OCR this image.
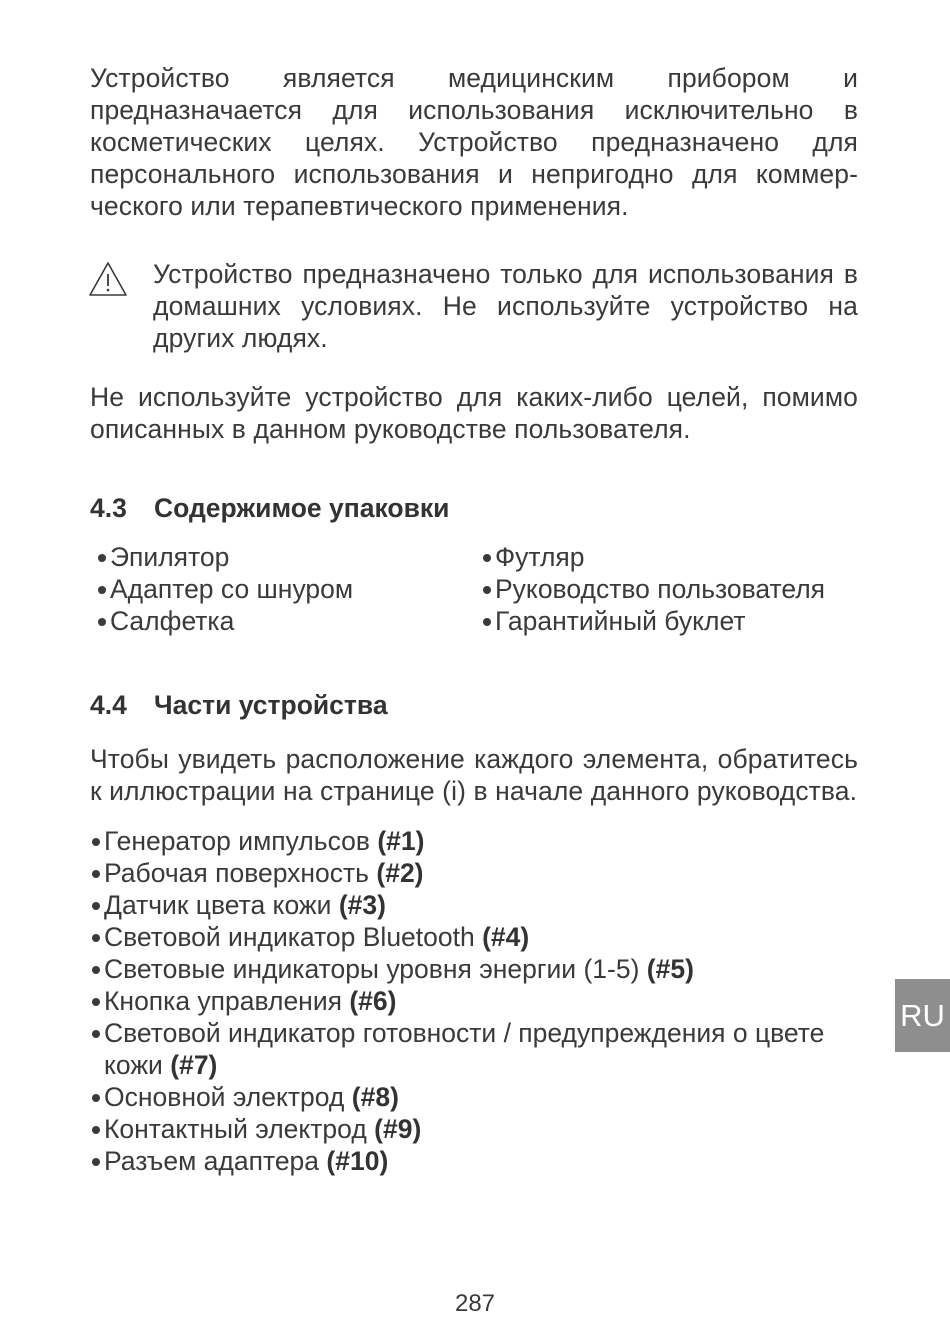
Устройство является медицинским прибором и предназначается для использования исключительно в косметических целях. Устройство предназначено для персонального использования и непригодно для коммер-ческого или терапевтического применения.

Устройство предназначено только для использования в домашних условиях. Не используйте устройство на других людях.

Не используйте устройство для каких-либо целей, помимо описанных в данном руководстве пользователя.

4.3 Содержимое упаковки
Эпилятор
Адаптер со шнуром
Салфетка
Футляр
Руководство пользователя
Гарантийный буклет
4.4 Части устройства

Чтобы увидеть расположение каждого элемента, обратитесь к иллюстрации на странице (i) в начале данного руководства.

Генератор импульсов (#1)
Рабочая поверхность (#2)
Датчик цвета кожи (#3)
Световой индикатор Bluetooth (#4)
Световые индикаторы уровня энергии (1-5) (#5)
Кнопка управления (#6)
Световой индикатор готовности / предупреждения о цвете кожи (#7)
Основной электрод (#8)
Контактный электрод (#9)
Разъем адаптера (#10)
RU
287
